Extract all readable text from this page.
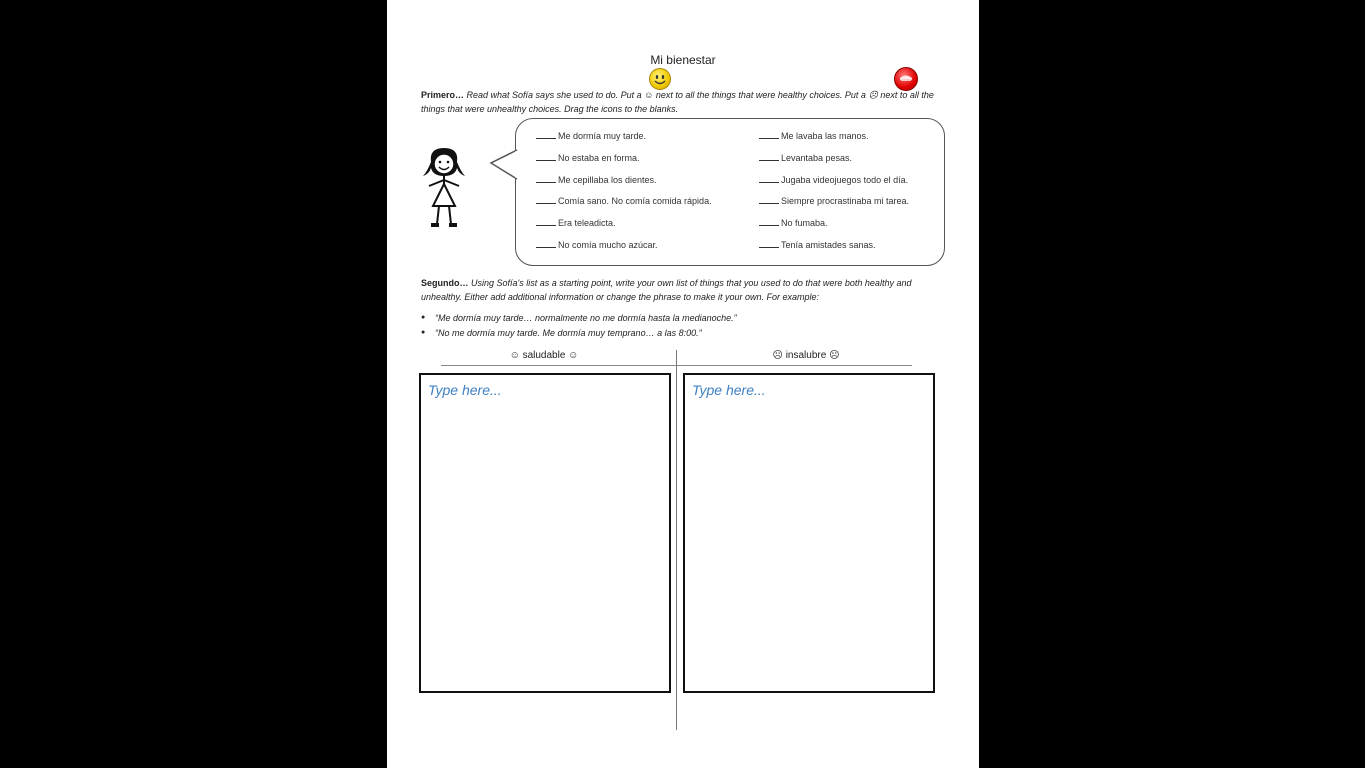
Mi bienestar
Primero… Read what Sofía says she used to do. Put a ☺ next to all the things that were healthy choices. Put a ☹ next to all the things that were unhealthy choices. Drag the icons to the blanks.
Me dormía muy tarde.
No estaba en forma.
Me cepillaba los dientes.
Comía sano. No comía comida rápida.
Era teleadicta.
No comía mucho azúcar.
Me lavaba las manos.
Levantaba pesas.
Jugaba videojuegos todo el día.
Siempre procrastinaba mi tarea.
No fumaba.
Tenía amistades sanas.
Segundo… Using Sofía's list as a starting point, write your own list of things that you used to do that were both healthy and unhealthy. Either add additional information or change the phrase to make it your own. For example:
● “Me dormía muy tarde… normalmente no me dormía hasta la medianoche.”
● “No me dormía muy tarde. Me dormía muy temprano… a las 8:00.”
☺ saludable ☺	☹ insalubre ☹
Type here...	Type here...
